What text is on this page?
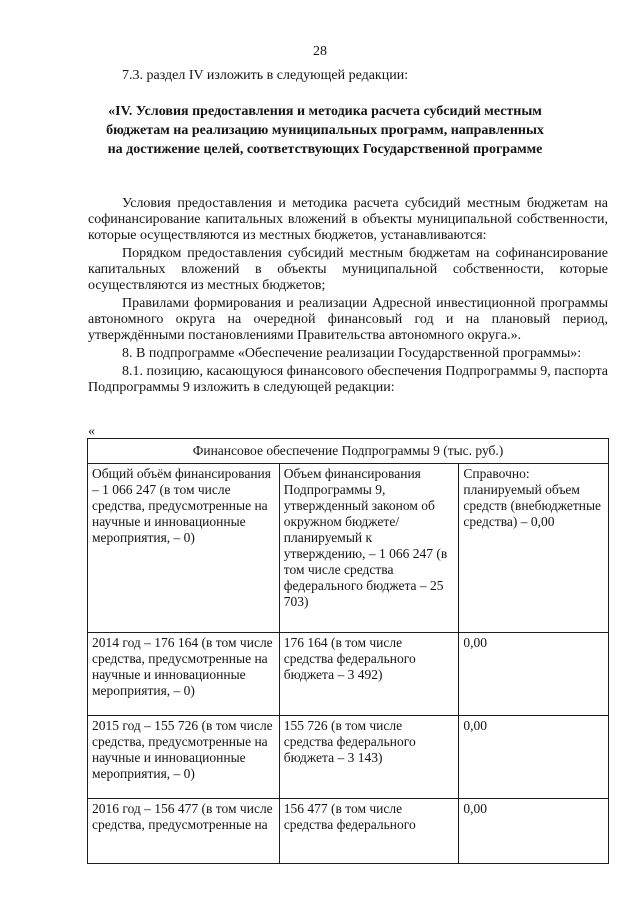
28
7.3. раздел IV изложить в следующей редакции:
«IV. Условия предоставления и методика расчета субсидий местным бюджетам на реализацию муниципальных программ, направленных на достижение целей, соответствующих Государственной программе

Условия предоставления и методика расчета субсидий местным бюджетам на софинансирование капитальных вложений в объекты муниципальной собственности, которые осуществляются из местных бюджетов, устанавливаются:

Порядком предоставления субсидий местным бюджетам на софинансирование капитальных вложений в объекты муниципальной собственности, которые осуществляются из местных бюджетов;

Правилами формирования и реализации Адресной инвестиционной программы автономного округа на очередной финансовый год и на плановый период, утверждёнными постановлениями Правительства автономного округа.».

8. В подпрограмме «Обеспечение реализации Государственной программы»:

8.1. позицию, касающуюся финансового обеспечения Подпрограммы 9, паспорта Подпрограммы 9 изложить в следующей редакции:

«
Финансовое обеспечение Подпрограммы 9 (тыс. руб.)		
Общий объём финансирования – 1 066 247 (в том числе средства, предусмотренные на научные и инновационные мероприятия, – 0)	Объем финансирования Подпрограммы 9, утвержденный законом об окружном бюджете/ планируемый к утверждению, – 1 066 247 (в том числе средства федерального бюджета – 25 703)	Справочно: планируемый объем средств (внебюджетные средства) – 0,00
2014 год – 176 164 (в том числе средства, предусмотренные на научные и инновационные мероприятия, – 0)	176 164 (в том числе средства федерального бюджета – 3 492)	0,00
2015 год – 155 726 (в том числе средства, предусмотренные на научные и инновационные мероприятия, – 0)	155 726 (в том числе средства федерального бюджета – 3 143)	0,00
2016 год – 156 477 (в том числе средства, предусмотренные на	156 477 (в том числе средства федерального	0,00
